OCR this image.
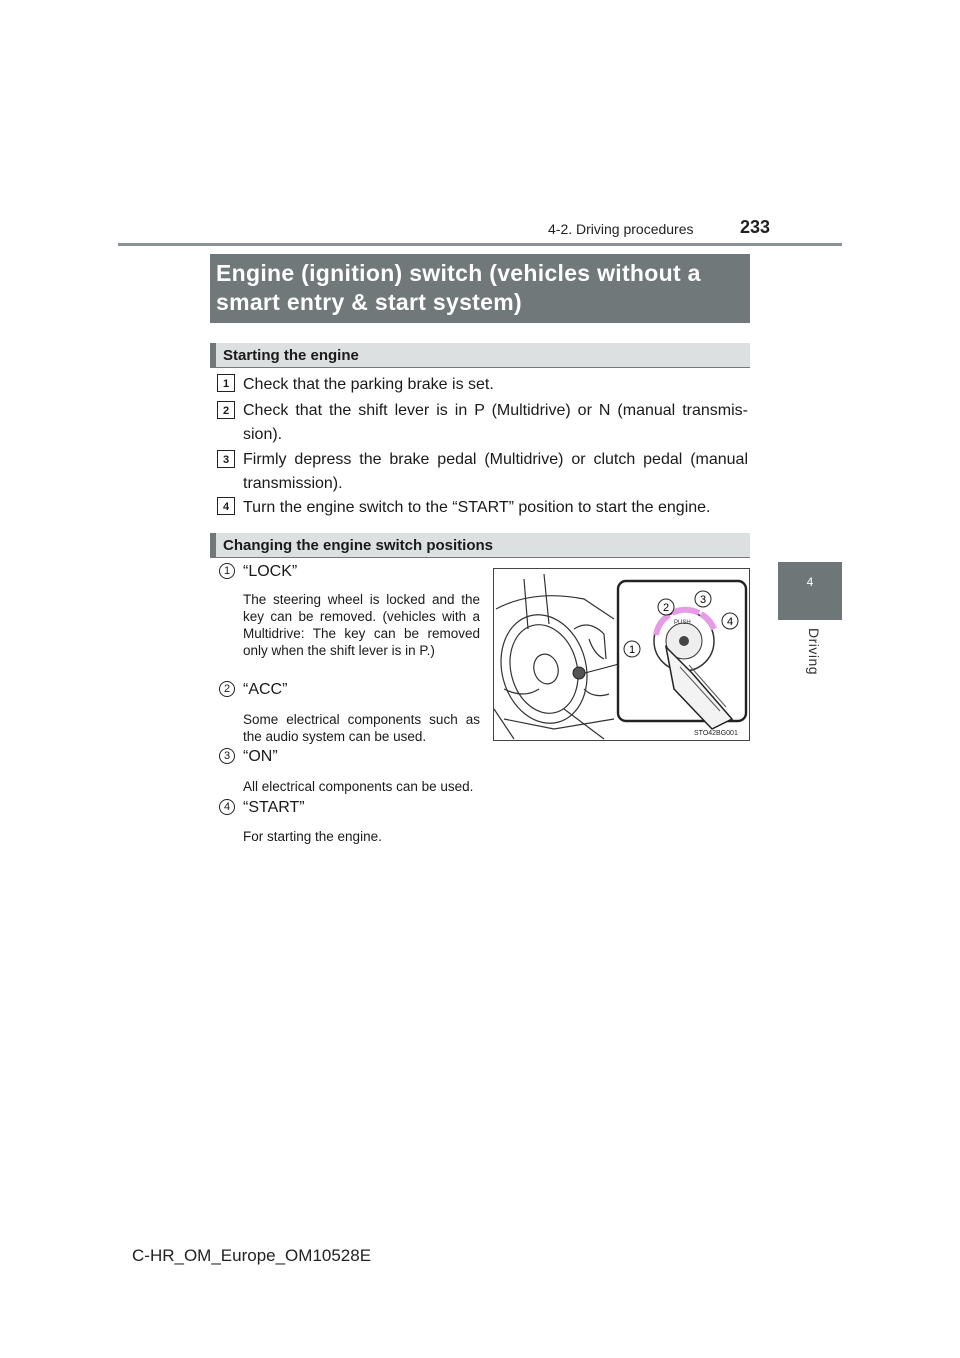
4-2. Driving procedures	233
4
Driving
Engine (ignition) switch (vehicles without a smart entry & start system)
Starting the engine
1 Check that the parking brake is set.
2 Check that the shift lever is in P (Multidrive) or N (manual transmis-sion).
3 Firmly depress the brake pedal (Multidrive) or clutch pedal (manual transmission).
4 Turn the engine switch to the “START” position to start the engine.
Changing the engine switch positions
1 “LOCK”
The steering wheel is locked and the key can be removed. (vehicles with a Multidrive: The key can be removed only when the shift lever is in P.)
2 “ACC”
Some electrical components such as the audio system can be used.
3 “ON”
All electrical components can be used.
4 “START”
For starting the engine.
PUSH
1
2
3
4
STO42BG001
C-HR_OM_Europe_OM10528E
